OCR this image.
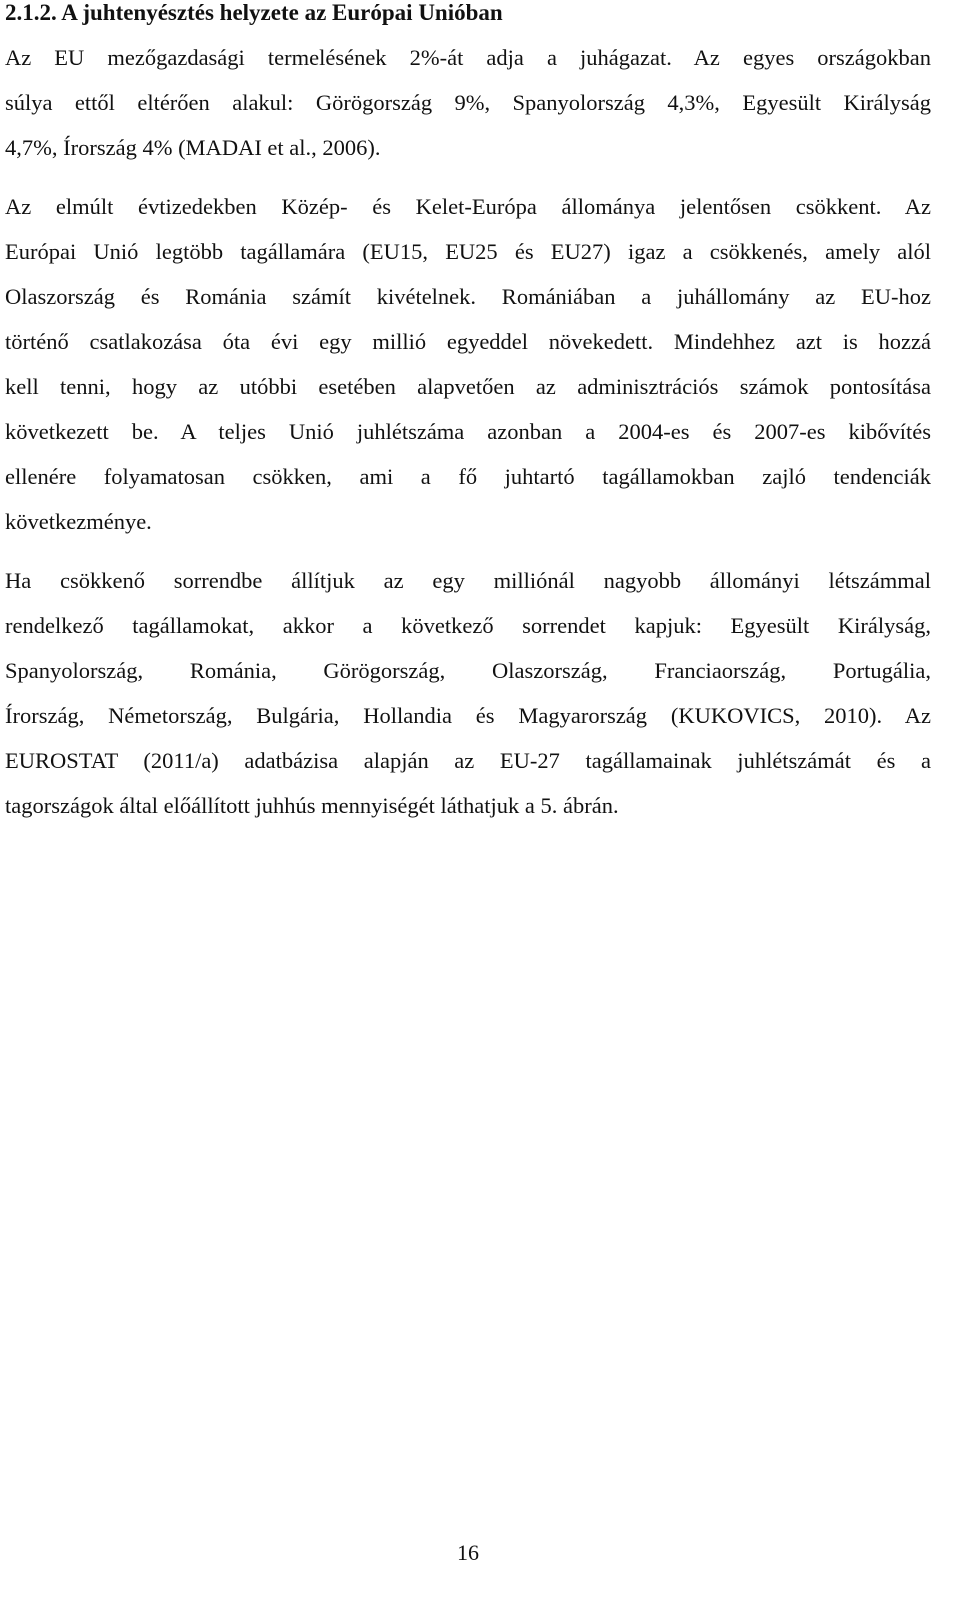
2.1.2. A juhtenyésztés helyzete az Európai Unióban
Az EU mezőgazdasági termelésének 2%-át adja a juhágazat. Az egyes országokban
súlya ettől eltérően alakul: Görögország 9%, Spanyolország 4,3%, Egyesült Királyság
4,7%, Írország 4% (MADAI et al., 2006).
Az elmúlt évtizedekben Közép- és Kelet-Európa állománya jelentősen csökkent. Az
Európai Unió legtöbb tagállamára (EU15, EU25 és EU27) igaz a csökkenés, amely alól
Olaszország és Románia számít kivételnek. Romániában a juhállomány az EU-hoz
történő csatlakozása óta évi egy millió egyeddel növekedett. Mindehhez azt is hozzá
kell tenni, hogy az utóbbi esetében alapvetően az adminisztrációs számok pontosítása
következett be. A teljes Unió juhlétszáma azonban a 2004-es és 2007-es kibővítés
ellenére folyamatosan csökken, ami a fő juhtartó tagállamokban zajló tendenciák
következménye.
Ha csökkenő sorrendbe állítjuk az egy milliónál nagyobb állományi létszámmal
rendelkező tagállamokat, akkor a következő sorrendet kapjuk: Egyesült Királyság,
Spanyolország, Románia, Görögország, Olaszország, Franciaország, Portugália,
Írország, Németország, Bulgária, Hollandia és Magyarország (KUKOVICS, 2010). Az
EUROSTAT (2011/a) adatbázisa alapján az EU-27 tagállamainak juhlétszámát és a
tagországok által előállított juhhús mennyiségét láthatjuk a 5. ábrán.
16
